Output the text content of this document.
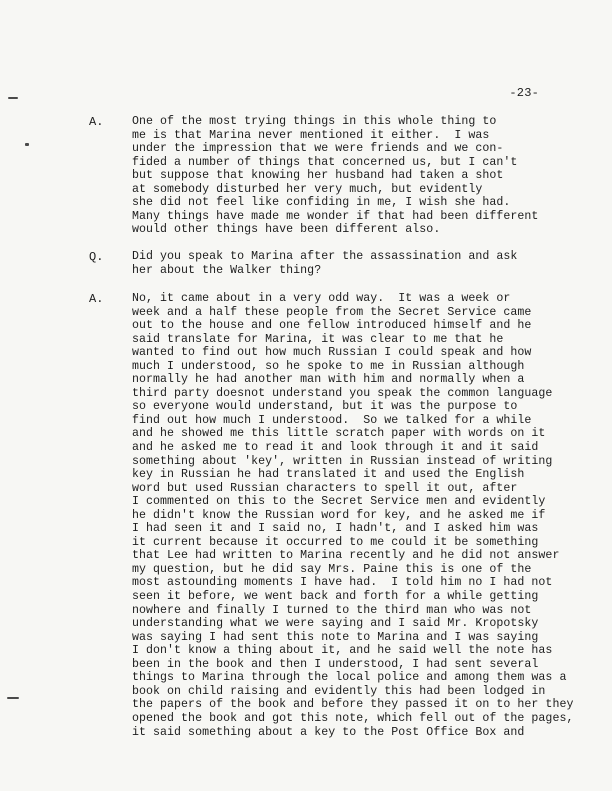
-23-
A.	One of the most trying things in this whole thing to
me is that Marina never mentioned it either.  I was
under the impression that we were friends and we con-
fided a number of things that concerned us, but I can't
but suppose that knowing her husband had taken a shot
at somebody disturbed her very much, but evidently
she did not feel like confiding in me, I wish she had.
Many things have made me wonder if that had been different
would other things have been different also.
Q.	Did you speak to Marina after the assassination and ask
her about the Walker thing?
A.	No, it came about in a very odd way.  It was a week or
week and a half these people from the Secret Service came
out to the house and one fellow introduced himself and he
said translate for Marina, it was clear to me that he
wanted to find out how much Russian I could speak and how
much I understood, so he spoke to me in Russian although
normally he had another man with him and normally when a
third party doesnot understand you speak the common language
so everyone would understand, but it was the purpose to
find out how much I understood.  So we talked for a while
and he showed me this little scratch paper with words on it
and he asked me to read it and look through it and it said
something about 'key', written in Russian instead of writing
key in Russian he had translated it and used the English
word but used Russian characters to spell it out, after
I commented on this to the Secret Service men and evidently
he didn't know the Russian word for key, and he asked me if
I had seen it and I said no, I hadn't, and I asked him was
it current because it occurred to me could it be something
that Lee had written to Marina recently and he did not answer
my question, but he did say Mrs. Paine this is one of the
most astounding moments I have had.  I told him no I had not
seen it before, we went back and forth for a while getting
nowhere and finally I turned to the third man who was not
understanding what we were saying and I said Mr. Kropotsky
was saying I had sent this note to Marina and I was saying
I don't know a thing about it, and he said well the note has
been in the book and then I understood, I had sent several
things to Marina through the local police and among them was a
book on child raising and evidently this had been lodged in
the papers of the book and before they passed it on to her they
opened the book and got this note, which fell out of the pages,
it said something about a key to the Post Office Box and
